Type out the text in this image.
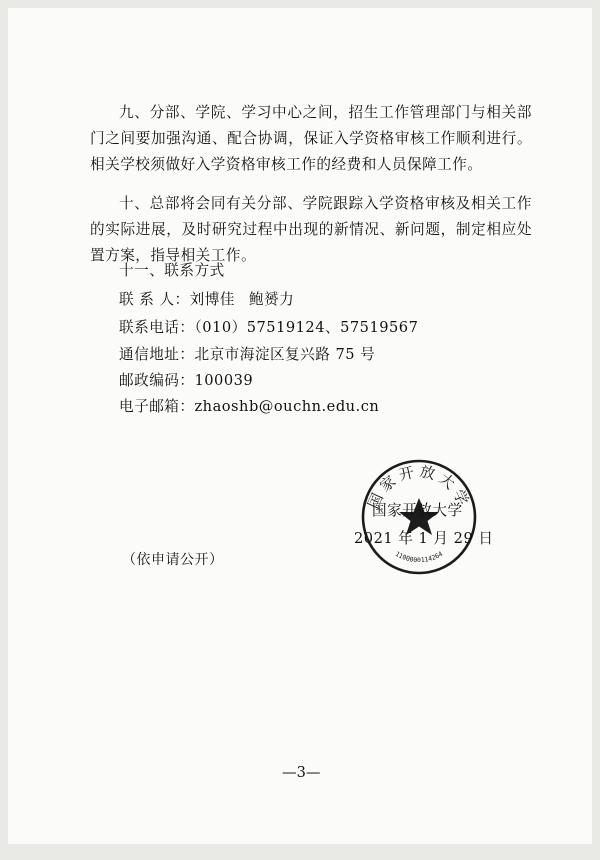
九、分部、学院、学习中心之间，招生工作管理部门与相关部门之间要加强沟通、配合协调，保证入学资格审核工作顺利进行。相关学校须做好入学资格审核工作的经费和人员保障工作。
十、总部将会同有关分部、学院跟踪入学资格审核及相关工作的实际进展，及时研究过程中出现的新情况、新问题，制定相应处置方案，指导相关工作。
十一、联系方式
联 系 人：刘博佳 鲍赟力
联系电话：（010）57519124、57519567
通信地址：北京市海淀区复兴路 75 号
邮政编码：100039
电子邮箱：zhaoshb@ouchn.edu.cn
国家开放大学
1100000114264
国家开放大学
2021 年 1 月 29 日
（依申请公开）
—3—
